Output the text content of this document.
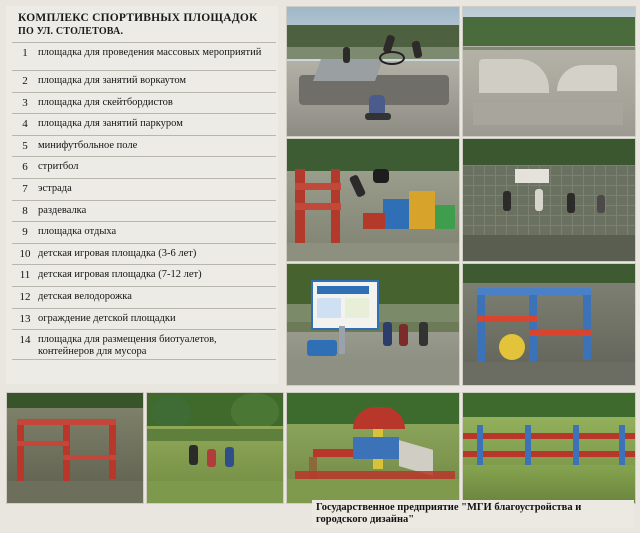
КОМПЛЕКС СПОРТИВНЫХ ПЛОЩАДОК
ПО УЛ. СТОЛЕТОВА.
1 площадка для проведения массовых мероприятий
2 площадка для занятий воркаутом
3 площадка для скейтбордистов
4 площадка для занятий паркуром
5 минифутбольное поле
6 стритбол
7 эстрада
8 раздевалка
9 площадка отдыха
10 детская игровая площадка (3-6 лет)
11 детская игровая площадка (7-12 лет)
12 детская велодорожка
13 ограждение детской площадки
14 площадка для размещения биотуалетов, контейнеров для мусора
Государственное предприятие "МГИ благоустройства и
городского дизайна"
